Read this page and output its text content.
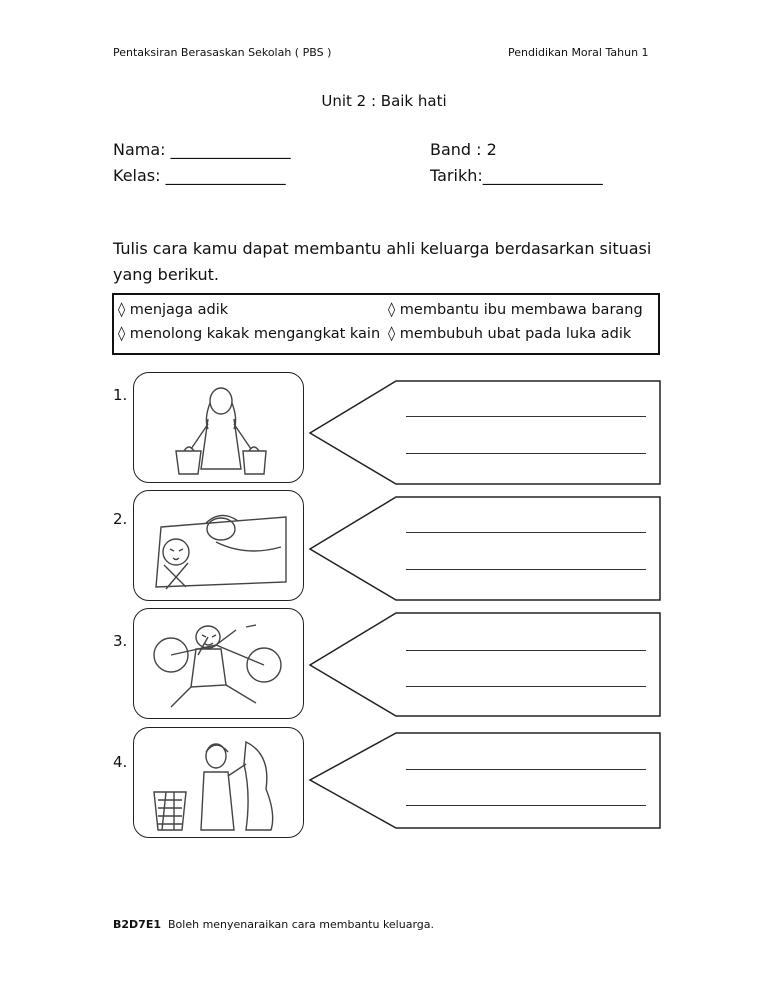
Pentaksiran Berasaskan Sekolah ( PBS )	Pendidikan Moral Tahun 1
Unit 2 : Baik hati
Nama: _______________
Kelas: _______________
Band : 2
Tarikh:_______________
Tulis cara kamu dapat membantu ahli keluarga berdasarkan situasi yang berikut.
◊ menjaga adik	◊ membantu ibu membawa barang
◊ menolong kakak mengangkat kain ◊ membubuh ubat pada luka adik
1.
2.
3.
4.
B2D7E1 Boleh menyenaraikan cara membantu keluarga.
